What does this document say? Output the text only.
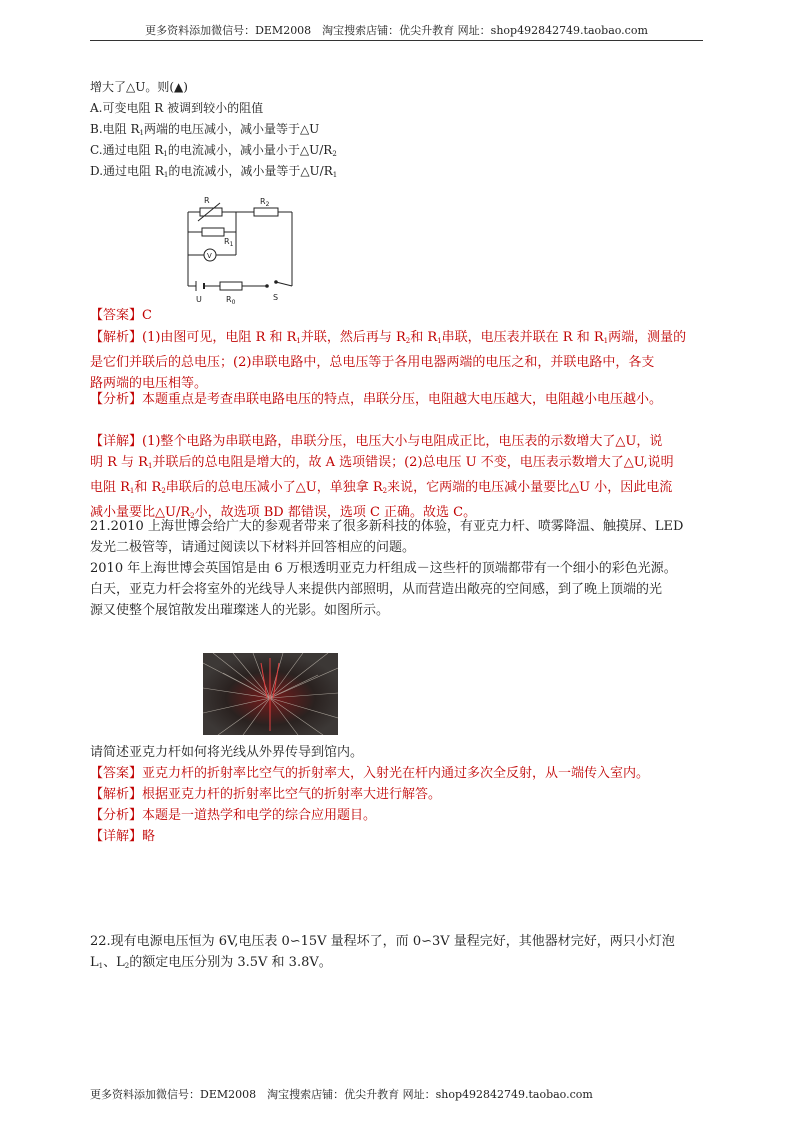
更多资料添加微信号：DEM2008　淘宝搜索店铺：优尖升教育 网址：shop492842749.taobao.com
增大了△U。则(▲)
A.可变电阻 R 被调到较小的阻值
B.电阻 $R_1$两端的电压减小，减小量等于△U
C.通过电阻 $R_1$的电流减小，减小量小于$\triangle U/R_2$
D.通过电阻 $R_1$的电流减小，减小量等于$\triangle U/R_1$
R	$R_2$
$R_1$
V
U	$R_0$
S
【答案】C
【解析】(1)由图可见，电阻 R 和 $R_1$并联，然后再与 $R_2$和 $R_1$串联，电压表并联在 R 和 $R_1$两端，测量的
是它们并联后的总电压；(2)串联电路中，总电压等于各用电器两端的电压之和，并联电路中，各支
路两端的电压相等。
【分析】本题重点是考查串联电路电压的特点，串联分压，电阻越大电压越大，电阻越小电压越小。
【详解】(1)整个电路为串联电路，串联分压，电压大小与电阻成正比，电压表的示数增大了△U，说
明 R 与 $R_1$并联后的总电阻是增大的，故 A 选项错误；(2)总电压 U 不变，电压表示数增大了△U,说明
电阻 $R_1$和 $R_2$串联后的总电压减小了△U，单独拿 $R_2$来说，它两端的电压减小量要比△U 小，因此电流
减小量要比$\triangle U/R_2$小，故选项 BD 都错误，选项 C 正确。故选 C。
21.2010 上海世博会给广大的参观者带来了很多新科技的体验，有亚克力杆、喷雾降温、触摸屏、LED
发光二极管等，请通过阅读以下材料并回答相应的问题。
2010 年上海世博会英国馆是由 6 万根透明亚克力杆组成－这些杆的顶端都带有一个细小的彩色光源。
白天，亚克力杆会将室外的光线导人来提供内部照明，从而营造出敞亮的空间感，到了晚上顶端的光
源又使整个展馆散发出璀璨迷人的光影。如图所示。
请简述亚克力杆如何将光线从外界传导到馆内。
【答案】亚克力杆的折射率比空气的折射率大，入射光在杆内通过多次全反射，从一端传入室内。
【解析】根据亚克力杆的折射率比空气的折射率大进行解答。
【分析】本题是一道热学和电学的综合应用题目。
【详解】略
22.现有电源电压恒为 6V,电压表 0∽15V 量程坏了，而 0∽3V 量程完好，其他器材完好，两只小灯泡
$L_1$、$L_2$的额定电压分别为 3.5V 和 3.8V。
更多资料添加微信号：DEM2008　淘宝搜索店铺：优尖升教育 网址：shop492842749.taobao.com
